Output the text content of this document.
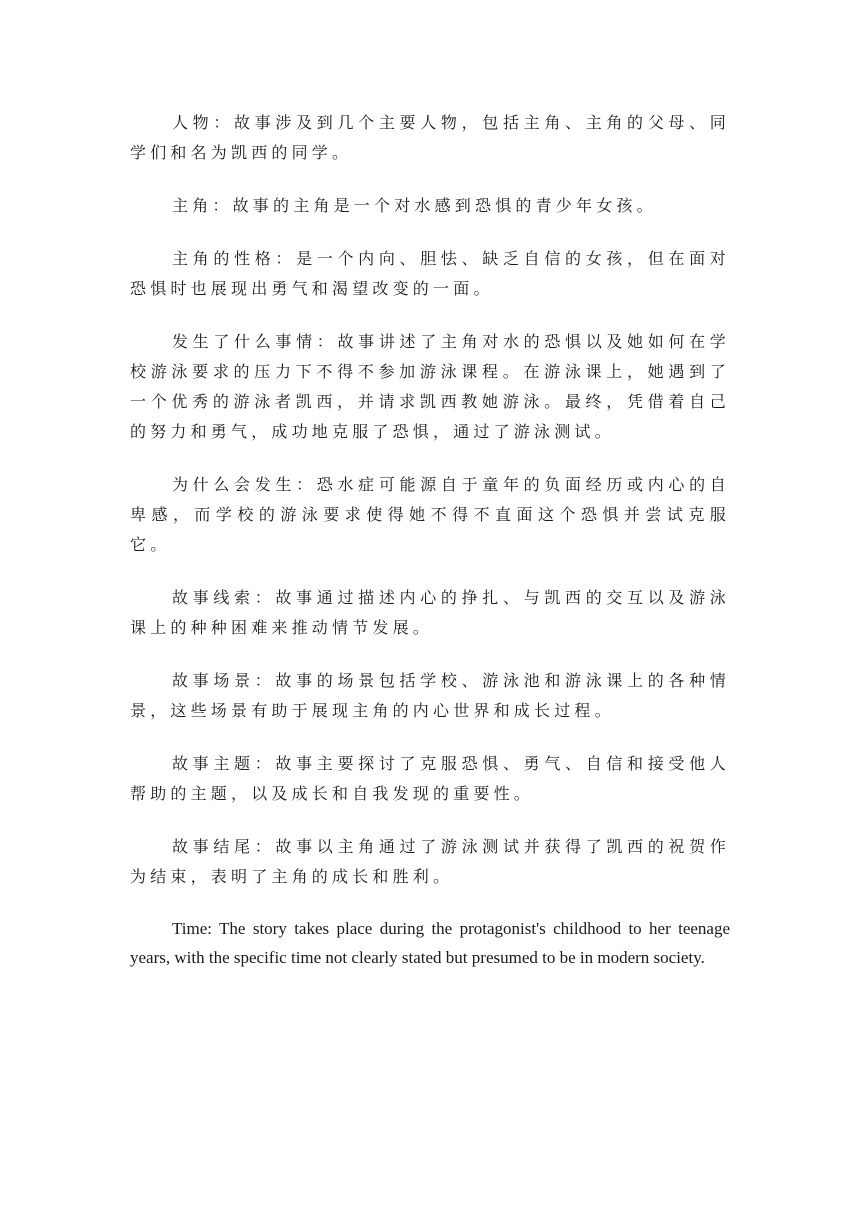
人物：故事涉及到几个主要人物，包括主角、主角的父母、同学们和名为凯西的同学。

主角：故事的主角是一个对水感到恐惧的青少年女孩。

主角的性格：是一个内向、胆怯、缺乏自信的女孩，但在面对恐惧时也展现出勇气和渴望改变的一面。

发生了什么事情：故事讲述了主角对水的恐惧以及她如何在学校游泳要求的压力下不得不参加游泳课程。在游泳课上，她遇到了一个优秀的游泳者凯西，并请求凯西教她游泳。最终，凭借着自己的努力和勇气，成功地克服了恐惧，通过了游泳测试。

为什么会发生：恐水症可能源自于童年的负面经历或内心的自卑感，而学校的游泳要求使得她不得不直面这个恐惧并尝试克服它。

故事线索：故事通过描述内心的挣扎、与凯西的交互以及游泳课上的种种困难来推动情节发展。

故事场景：故事的场景包括学校、游泳池和游泳课上的各种情景，这些场景有助于展现主角的内心世界和成长过程。

故事主题：故事主要探讨了克服恐惧、勇气、自信和接受他人帮助的主题，以及成长和自我发现的重要性。

故事结尾：故事以主角通过了游泳测试并获得了凯西的祝贺作为结束，表明了主角的成长和胜利。

Time: The story takes place during the protagonist's childhood to her teenage years, with the specific time not clearly stated but presumed to be in modern society.
